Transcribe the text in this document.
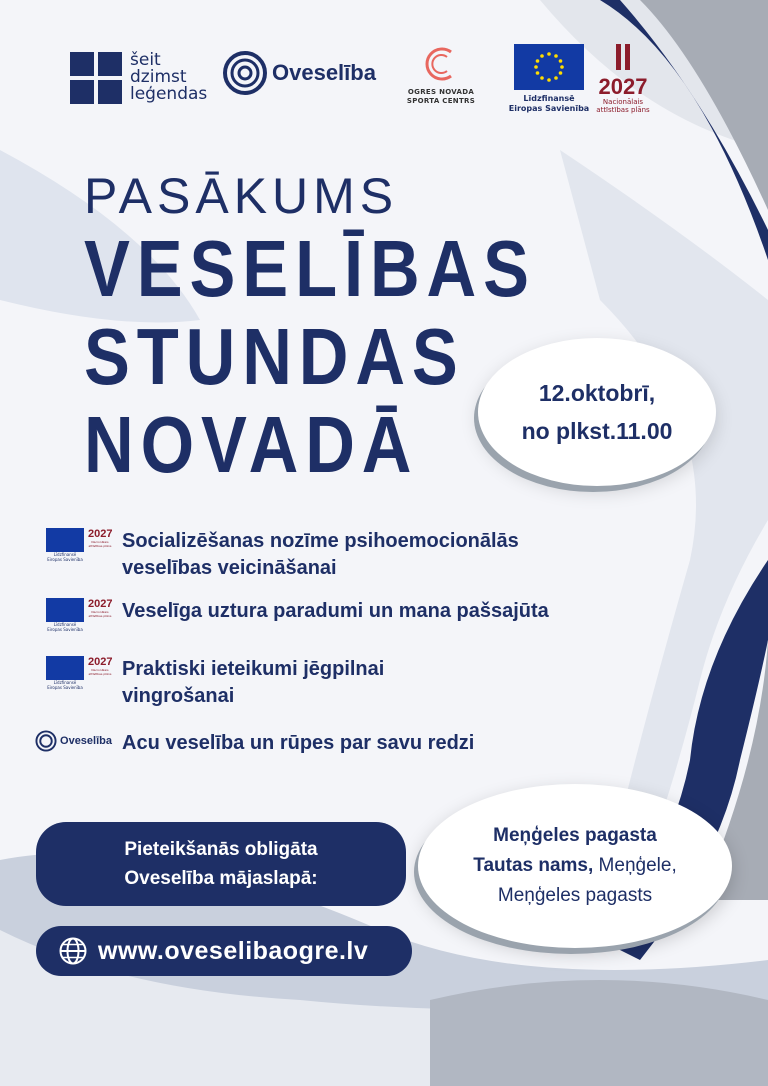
šeit
dzimst
leģendas
Oveselība
OGRES NOVADA
SPORTA CENTRS	Līdzfinansē
Eiropas Savienība
2027
Nacionālais
attīstības plāns
PASĀKUMS
VESELĪBAS
STUNDAS
NOVADĀ
12.oktobrī,
no plkst.11.00
Līdzfinansē
Eiropas Savienība
2027
Nacionālais attīstības plāns Socializēšanas nozīme psihoemocionālās
veselības veicināšanai
Līdzfinansē
Eiropas Savienība
2027
Nacionālais attīstības plāns Veselīga uztura paradumi un mana pašsajūta
Līdzfinansē
Eiropas Savienība
2027
Nacionālais attīstības plāns Praktiski ieteikumi jēgpilnai
vingrošanai
Oveselība Acu veselība un rūpes par savu redzi
Pieteikšanās obligāta
Oveselība mājaslapā:
www.oveselibaogre.lv
Meņģeles pagasta
Tautas nams, Meņģele,
Meņģeles pagasts
